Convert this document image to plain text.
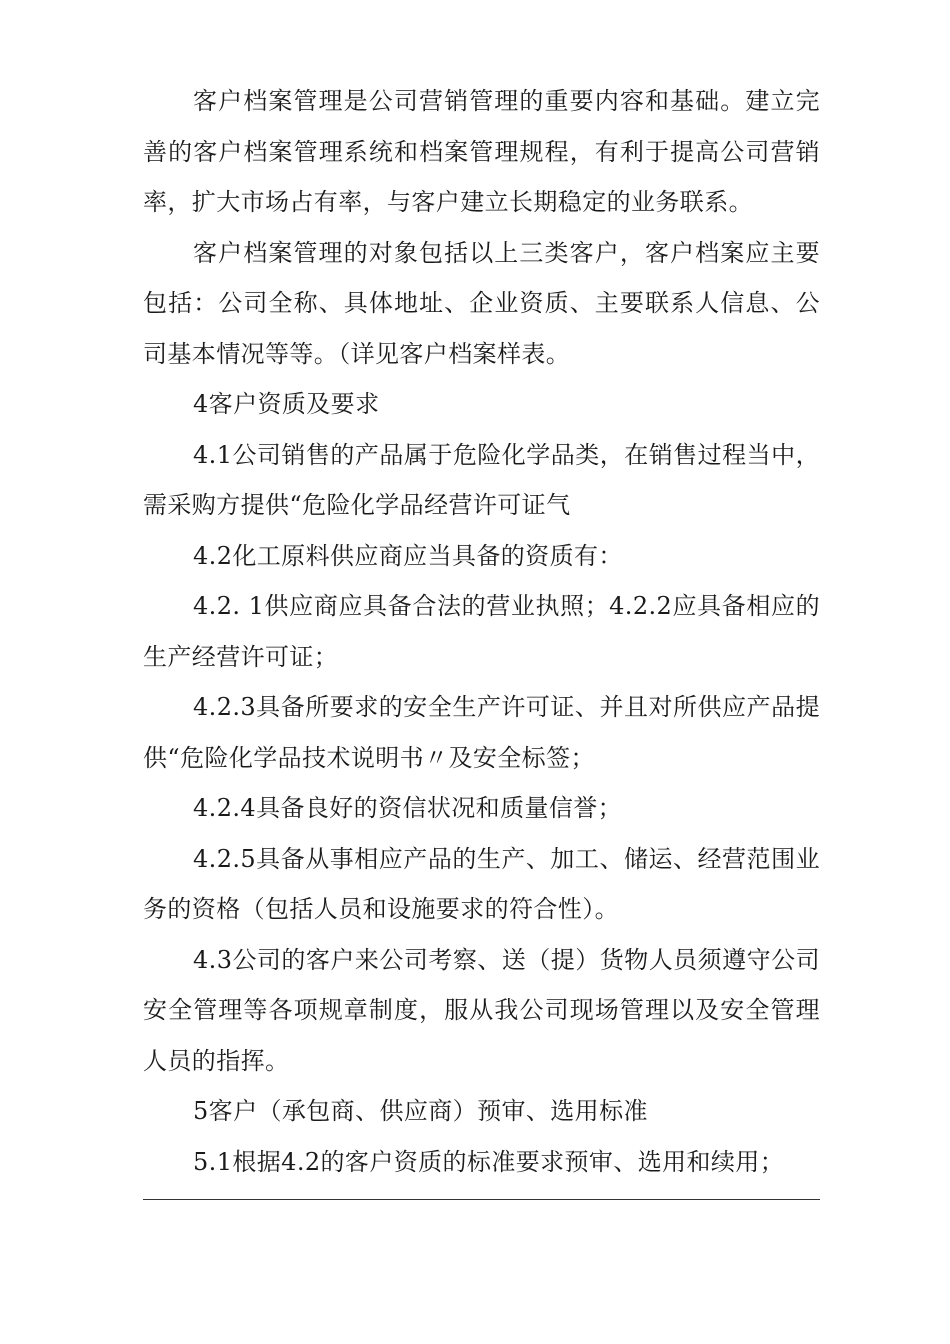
客户档案管理是公司营销管理的重要内容和基础。建立完善的客户档案管理系统和档案管理规程，有利于提高公司营销率，扩大市场占有率，与客户建立长期稳定的业务联系。

客户档案管理的对象包括以上三类客户，客户档案应主要包括：公司全称、具体地址、企业资质、主要联系人信息、公司基本情况等等。（详见客户档案样表。

4客户资质及要求

4.1公司销售的产品属于危险化学品类，在销售过程当中，需采购方提供“危险化学品经营许可证气

4.2化工原料供应商应当具备的资质有：

4.2. 1供应商应具备合法的营业执照；4.2.2应具备相应的生产经营许可证；

4.2.3具备所要求的安全生产许可证、并且对所供应产品提供“危险化学品技术说明书〃及安全标签；

4.2.4具备良好的资信状况和质量信誉；

4.2.5具备从事相应产品的生产、加工、储运、经营范围业务的资格（包括人员和设施要求的符合性）。

4.3公司的客户来公司考察、送（提）货物人员须遵守公司安全管理等各项规章制度，服从我公司现场管理以及安全管理人员的指挥。

5客户（承包商、供应商）预审、选用标准

5.1根据4.2的客户资质的标准要求预审、选用和续用；
